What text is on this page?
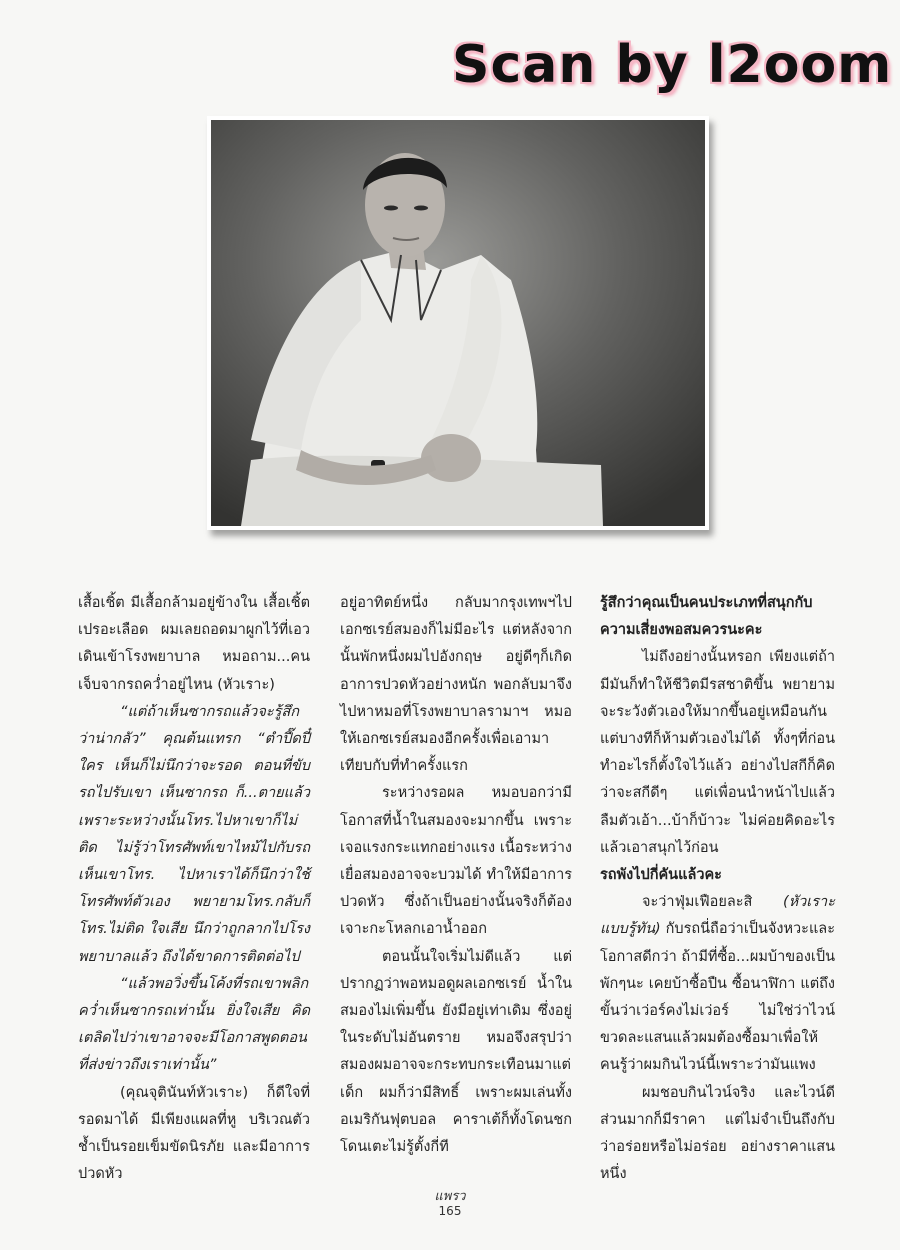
Scan by l2oom

เสื้อเชิ้ต มีเสื้อกล้ามอยู่ข้างใน เสื้อเชิ้ตเปรอะเลือด ผมเลยถอดมาผูกไว้ที่เอว เดินเข้าโรงพยาบาล หมอถาม...คนเจ็บจากรถคว่ำอยู่ไหน (หัวเราะ)

“แต่ถ้าเห็นซากรถแล้วจะรู้สึกว่าน่ากลัว” คุณต้นแทรก “ตำปี๊ดปี๋ ใคร เห็นก็ไม่นึกว่าจะรอด ตอนที่ขับรถไปรับเขา เห็นซากรถ ก็...ตายแล้ว เพราะระหว่างนั้นโทร.ไปหาเขาก็ไม่ติด ไม่รู้ว่าโทรศัพท์เขาไหม้ไปกับรถ เห็นเขาโทร. ไปหาเราได้ก็นึกว่าใช้โทรศัพท์ตัวเอง พยายามโทร.กลับก็โทร.ไม่ติด ใจเสีย นึกว่าถูกลากไปโรงพยาบาลแล้ว ถึงได้ขาดการติดต่อไป

“แล้วพอวิ่งขึ้นโค้งที่รถเขาพลิกคว่ำเห็นซากรถเท่านั้น ยิ่งใจเสีย คิดเตลิดไปว่าเขาอาจจะมีโอกาสพูดตอนที่ส่งข่าวถึงเราเท่านั้น”

(คุณจุตินันท์หัวเราะ) ก็ดีใจที่รอดมาได้ มีเพียงแผลที่หู บริเวณตัวช้ำเป็นรอยเข็มขัดนิรภัย และมีอาการปวดหัว

อยู่อาทิตย์หนึ่ง กลับมากรุงเทพฯไปเอกซเรย์สมองก็ไม่มีอะไร แต่หลังจากนั้นพักหนึ่งผมไปอังกฤษ อยู่ดีๆก็เกิดอาการปวดหัวอย่างหนัก พอกลับมาจึงไปหาหมอที่โรงพยาบาลรามาฯ หมอให้เอกซเรย์สมองอีกครั้งเพื่อเอามาเทียบกับที่ทำครั้งแรก

ระหว่างรอผล หมอบอกว่ามีโอกาสที่น้ำในสมองจะมากขึ้น เพราะเจอแรงกระแทกอย่างแรง เนื้อระหว่างเยื่อสมองอาจจะบวมได้ ทำให้มีอาการปวดหัว ซึ่งถ้าเป็นอย่างนั้นจริงก็ต้องเจาะกะโหลกเอาน้ำออก

ตอนนั้นใจเริ่มไม่ดีแล้ว แต่ปรากฏว่าพอหมอดูผลเอกซเรย์ น้ำในสมองไม่เพิ่มขึ้น ยังมีอยู่เท่าเดิม ซึ่งอยู่ในระดับไม่อันตราย หมอจึงสรุปว่าสมองผมอาจจะกระทบกระเทือนมาแต่เด็ก ผมก็ว่ามีสิทธิ์ เพราะผมเล่นทั้งอเมริกันฟุตบอล คาราเต้ก็ทั้งโดนชกโดนเตะไม่รู้ตั้งกี่ที

รู้สึกว่าคุณเป็นคนประเภทที่สนุกกับความเสี่ยงพอสมควรนะคะ

ไม่ถึงอย่างนั้นหรอก เพียงแต่ถ้ามีมันก็ทำให้ชีวิตมีรสชาติขึ้น พยายามจะระวังตัวเองให้มากขึ้นอยู่เหมือนกัน แต่บางทีก็ห้ามตัวเองไม่ได้ ทั้งๆที่ก่อนทำอะไรก็ตั้งใจไว้แล้ว อย่างไปสกีก็คิดว่าจะสกีดีๆ แต่เพื่อนนำหน้าไปแล้ว ลืมตัวเอ้า...บ้าก็บ้าวะ ไม่ค่อยคิดอะไรแล้วเอาสนุกไว้ก่อน

รถพังไปกี่คันแล้วคะ

จะว่าฟุ่มเฟือยละสิ (หัวเราะแบบรู้ทัน) กับรถนี่ถือว่าเป็นจังหวะและโอกาสดีกว่า ถ้ามีที่ซื้อ...ผมบ้าของเป็นพักๆนะ เคยบ้าซื้อปืน ซื้อนาฬิกา แต่ถึงขั้นว่าเว่อร์คงไม่เว่อร์ ไม่ใช่ว่าไวน์ขวดละแสนแล้วผมต้องซื้อมาเพื่อให้คนรู้ว่าผมกินไวน์นี้เพราะว่ามันแพง

ผมชอบกินไวน์จริง และไวน์ดีส่วนมากก็มีราคา แต่ไม่จำเป็นถึงกับว่าอร่อยหรือไม่อร่อย อย่างราคาแสนหนึ่ง

แพรว
165
